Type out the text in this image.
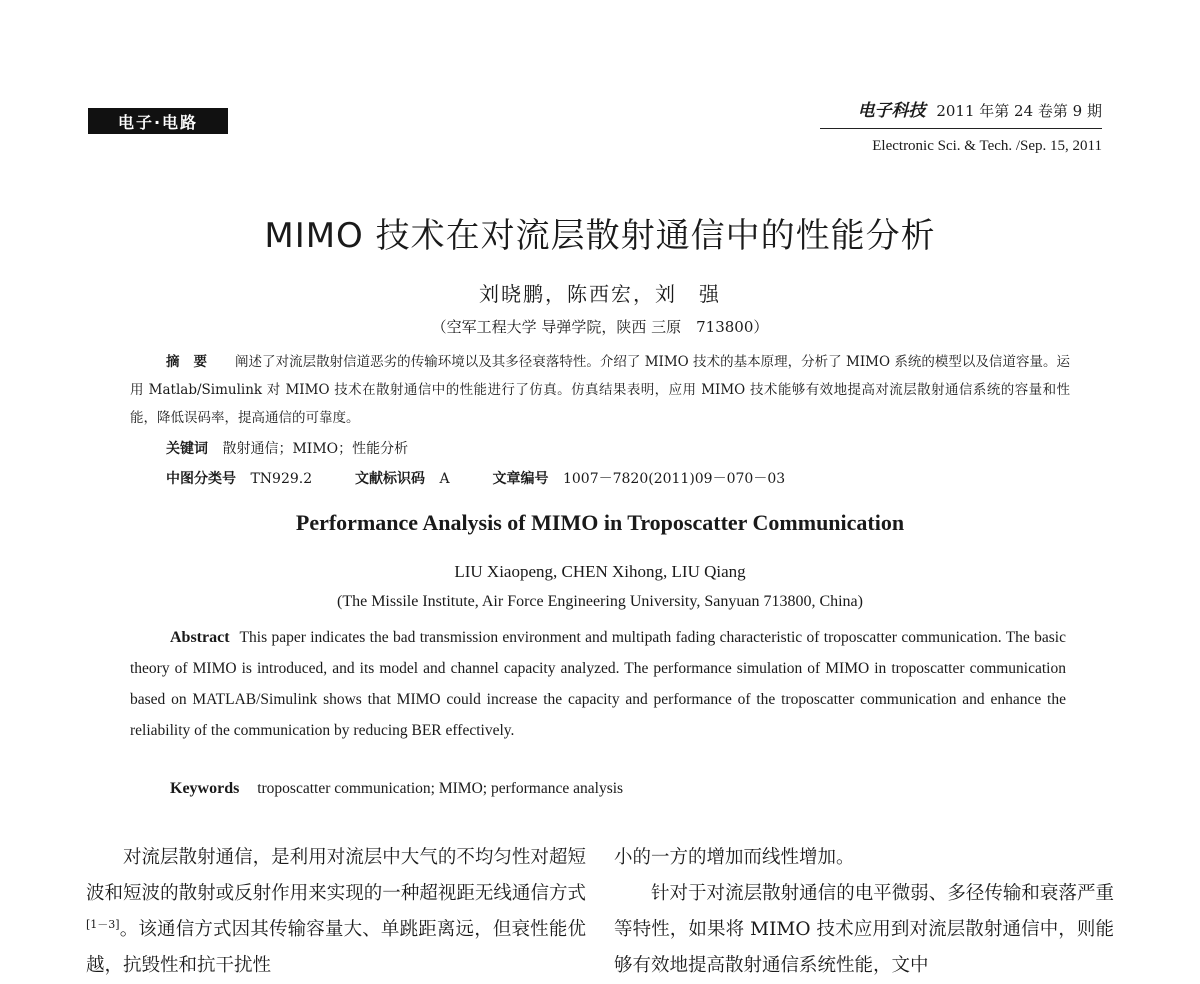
电子·电路
电子科技 2011 年第 24 卷第 9 期
Electronic Sci. & Tech. /Sep. 15, 2011
MIMO 技术在对流层散射通信中的性能分析
刘晓鹏，陈西宏，刘　强
（空军工程大学 导弹学院，陕西 三原　713800）
摘要 阐述了对流层散射信道恶劣的传输环境以及其多径衰落特性。介绍了 MIMO 技术的基本原理，分析了 MIMO 系统的模型以及信道容量。运用 Matlab/Simulink 对 MIMO 技术在散射通信中的性能进行了仿真。仿真结果表明，应用 MIMO 技术能够有效地提高对流层散射通信系统的容量和性能，降低误码率，提高通信的可靠度。
关键词 散射通信；MIMO；性能分析
中图分类号 TN929.2	文献标识码 A	文章编号 1007－7820(2011)09－070－03
Performance Analysis of MIMO in Troposcatter Communication
LIU Xiaopeng, CHEN Xihong, LIU Qiang
(The Missile Institute, Air Force Engineering University, Sanyuan 713800, China)
Abstract This paper indicates the bad transmission environment and multipath fading characteristic of troposcatter communication. The basic theory of MIMO is introduced, and its model and channel capacity analyzed. The performance simulation of MIMO in troposcatter communication based on MATLAB/Simulink shows that MIMO could increase the capacity and performance of the troposcatter communication and enhance the reliability of the communication by reducing BER effectively.
Keywords troposcatter communication; MIMO; performance analysis

对流层散射通信，是利用对流层中大气的不均匀性对超短波和短波的散射或反射作用来实现的一种超视距无线通信方式[1－3]。该通信方式因其传输容量大、单跳距离远，但衰性能优越，抗毁性和抗干扰性

小的一方的增加而线性增加。

针对于对流层散射通信的电平微弱、多径传输和衰落严重等特性，如果将 MIMO 技术应用到对流层散射通信中，则能够有效地提高散射通信系统性能，文中
